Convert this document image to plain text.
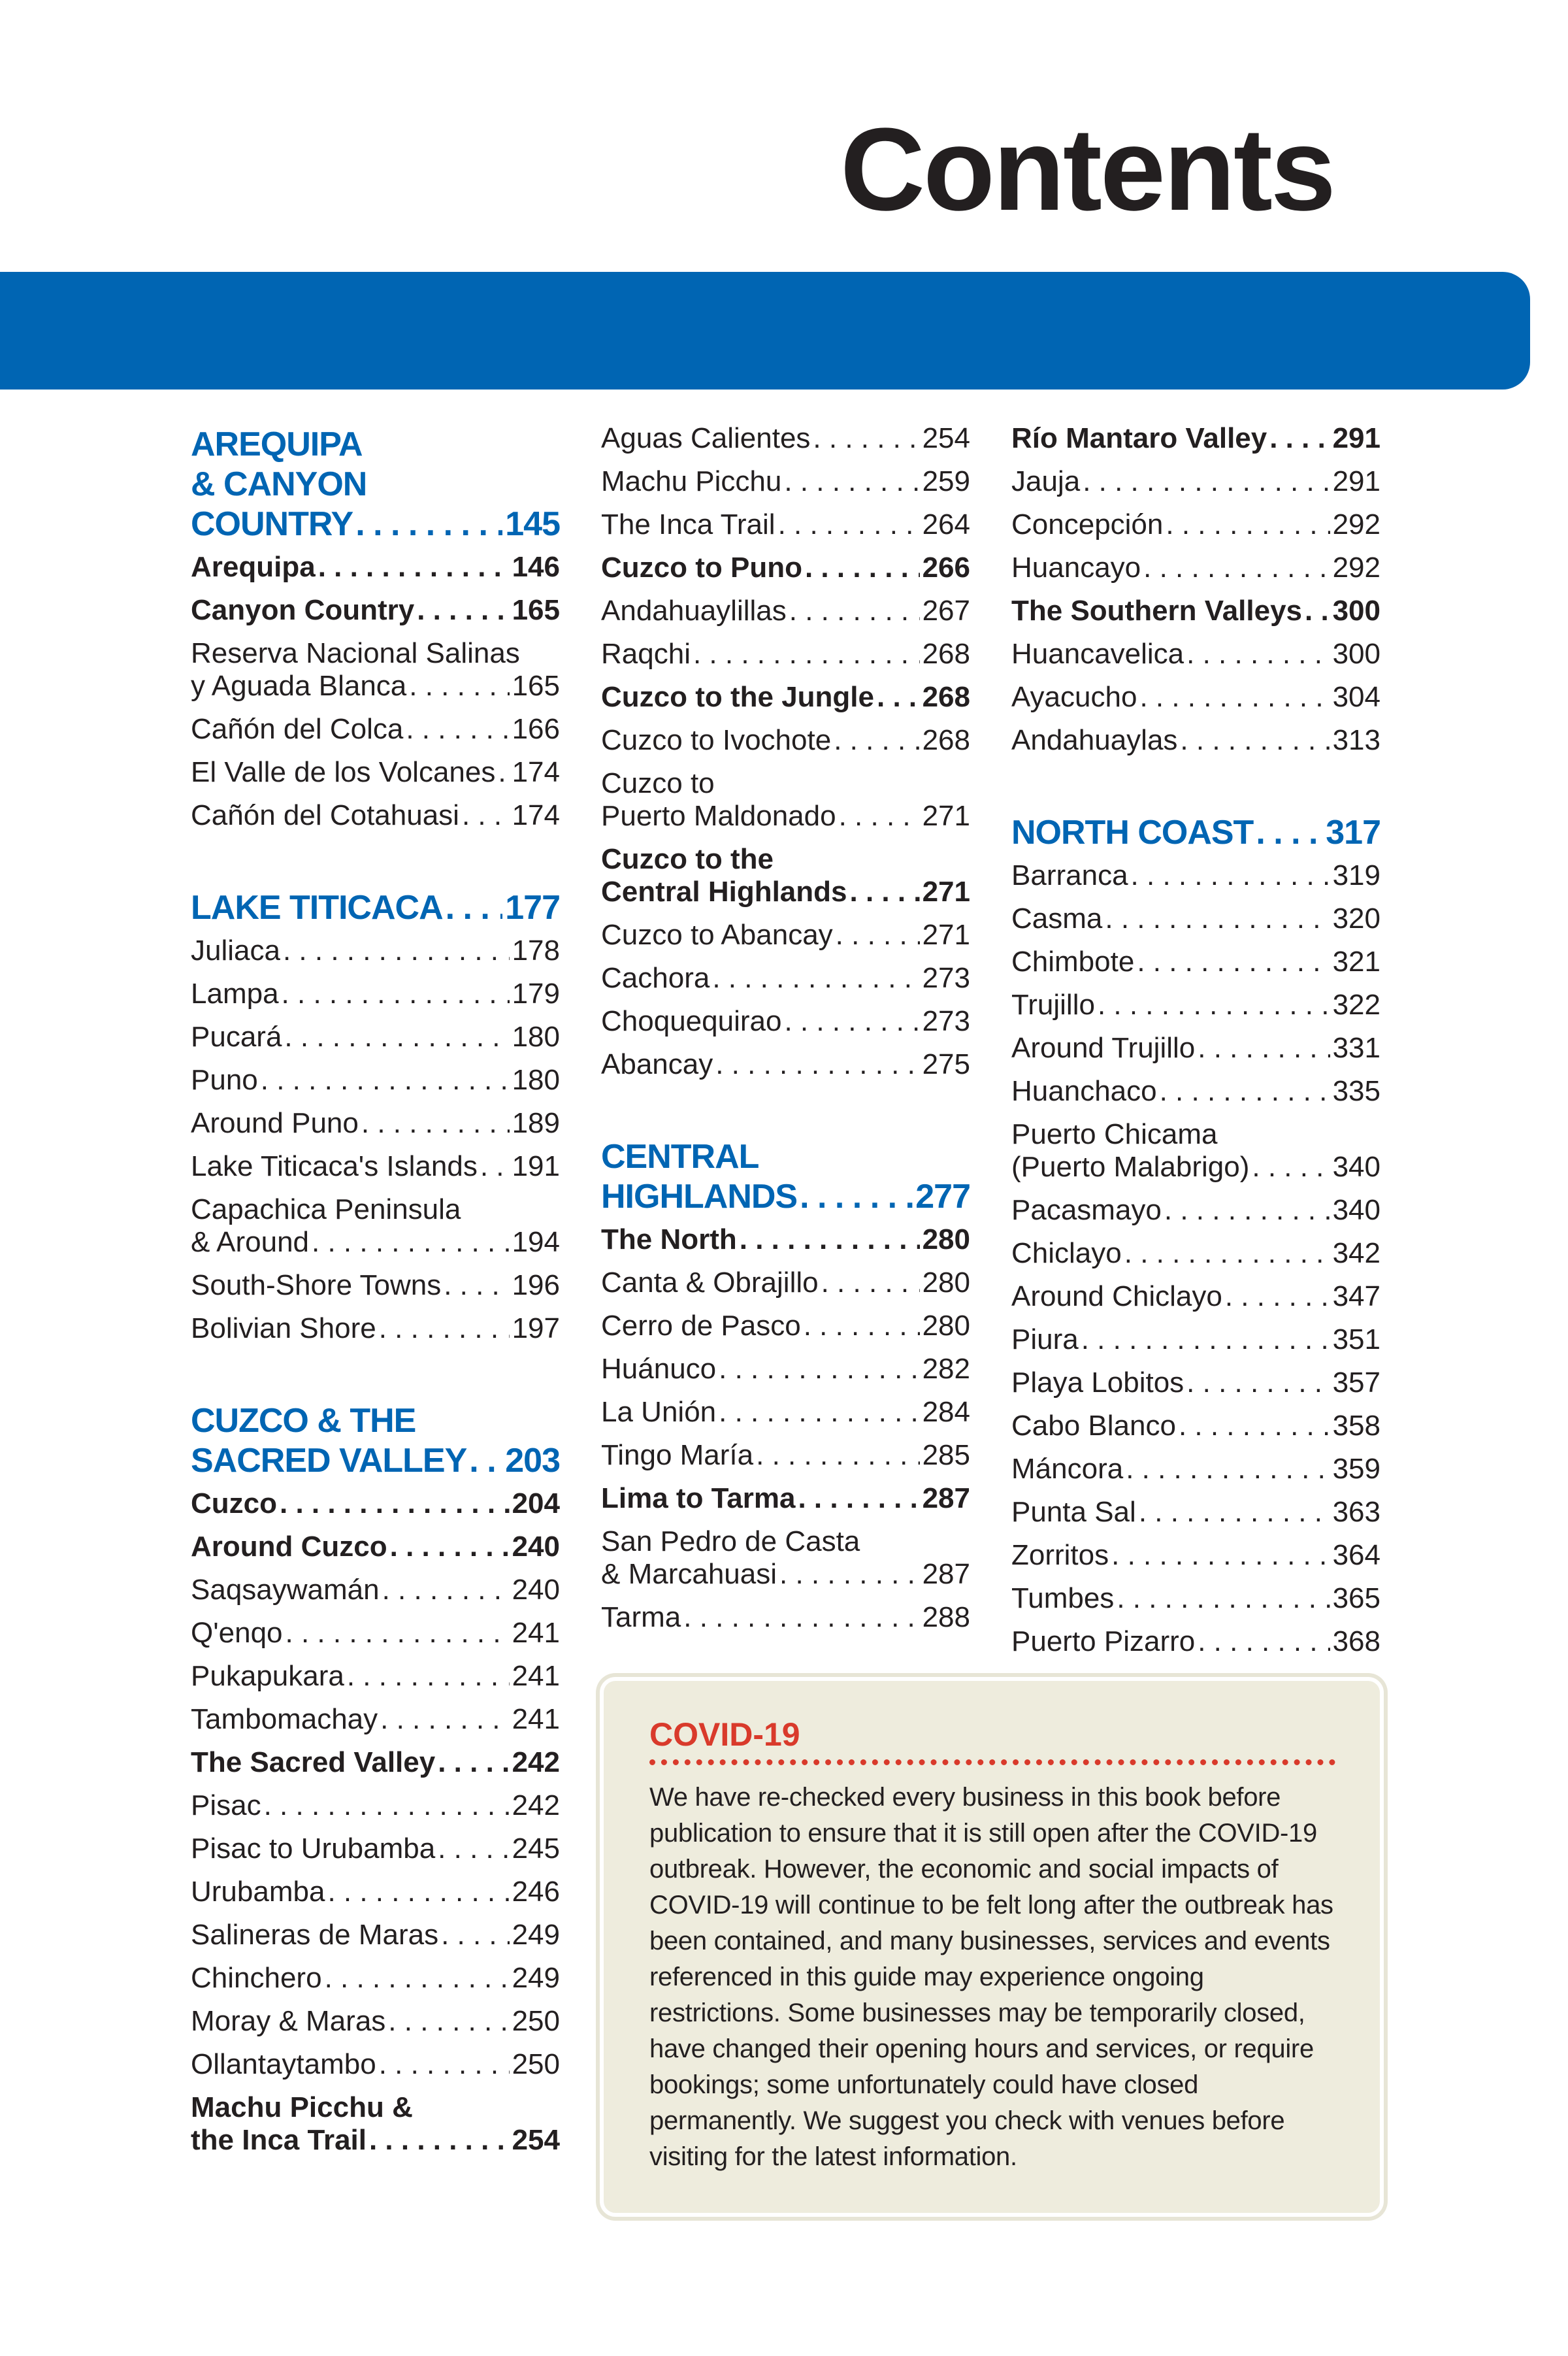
Contents
AREQUIPA
& CANYON
COUNTRY . . .	145
Arequipa . . .	146
Canyon Country . . .	165
Reserva Nacional Salinas
y Aguada Blanca . . .	165
Cañón del Colca . . .	166
El Valle de los Volcanes . . . 174
Cañón del Cotahuasi . . . 174
LAKE TITICACA . . . 177
Juliaca . . .	178
Lampa . . .	179
Pucará . . .	180
Puno . . .	180
Around Puno . . .	189
Lake Titicaca's Islands . . . 191
Capachica Peninsula
& Around . . .	194
South-Shore Towns . . . 196
Bolivian Shore . . .	197
CUZCO & THE
SACRED VALLEY . . . 203
Cuzco . . .	204
Around Cuzco . . .	240
Saqsaywamán . . .	240
Q'enqo . . .	241
Pukapukara . . .	241
Tambomachay . . .	241
The Sacred Valley . . .	242
Pisac . . .	242
Pisac to Urubamba . . .	245
Urubamba . . .	246
Salineras de Maras . . .	249
Chinchero . . .	249
Moray & Maras . . .	250
Ollantaytambo . . .	250
Machu Picchu &
the Inca Trail . . .	254
Aguas Calientes . . .	254
Machu Picchu . . .	259
The Inca Trail . . .	264
Cuzco to Puno . . .	266
Andahuaylillas . . .	267
Raqchi . . .	268
Cuzco to the Jungle . . . 268
Cuzco to Ivochote . . .	268
Cuzco to
Puerto Maldonado . . .	271
Cuzco to the
Central Highlands . . .	271
Cuzco to Abancay . . .	271
Cachora . . .	273
Choquequirao . . .	273
Abancay . . .	275
CENTRAL
HIGHLANDS . . .	277
The North . . .	280
Canta & Obrajillo . . .	280
Cerro de Pasco . . .	280
Huánuco . . .	282
La Unión . . .	284
Tingo María . . .	285
Lima to Tarma . . .	287
San Pedro de Casta
& Marcahuasi . . .	287
Tarma . . .	288
Río Mantaro Valley . . . 291
Jauja . . .	291
Concepción . . .	292
Huancayo . . .	292
The Southern Valleys . . . 300
Huancavelica . . .	300
Ayacucho . . .	304
Andahuaylas . . .	313
NORTH COAST . . . 317
Barranca . . .	319
Casma . . .	320
Chimbote . . .	321
Trujillo . . .	322
Around Trujillo . . .	331
Huanchaco . . .	335
Puerto Chicama
(Puerto Malabrigo) . . .	340
Pacasmayo . . .	340
Chiclayo . . .	342
Around Chiclayo . . .	347
Piura . . .	351
Playa Lobitos . . .	357
Cabo Blanco . . .	358
Máncora . . .	359
Punta Sal . . .	363
Zorritos . . .	364
Tumbes . . .	365
Puerto Pizarro . . .	368
COVID-19

We have re-checked every business in this book before publication to ensure that it is still open after the COVID-19 outbreak. However, the economic and social impacts of COVID-19 will continue to be felt long after the outbreak has been contained, and many businesses, services and events referenced in this guide may experience ongoing restrictions. Some businesses may be temporarily closed, have changed their opening hours and services, or require bookings; some unfortunately could have closed permanently. We suggest you check with venues before visiting for the latest information.
